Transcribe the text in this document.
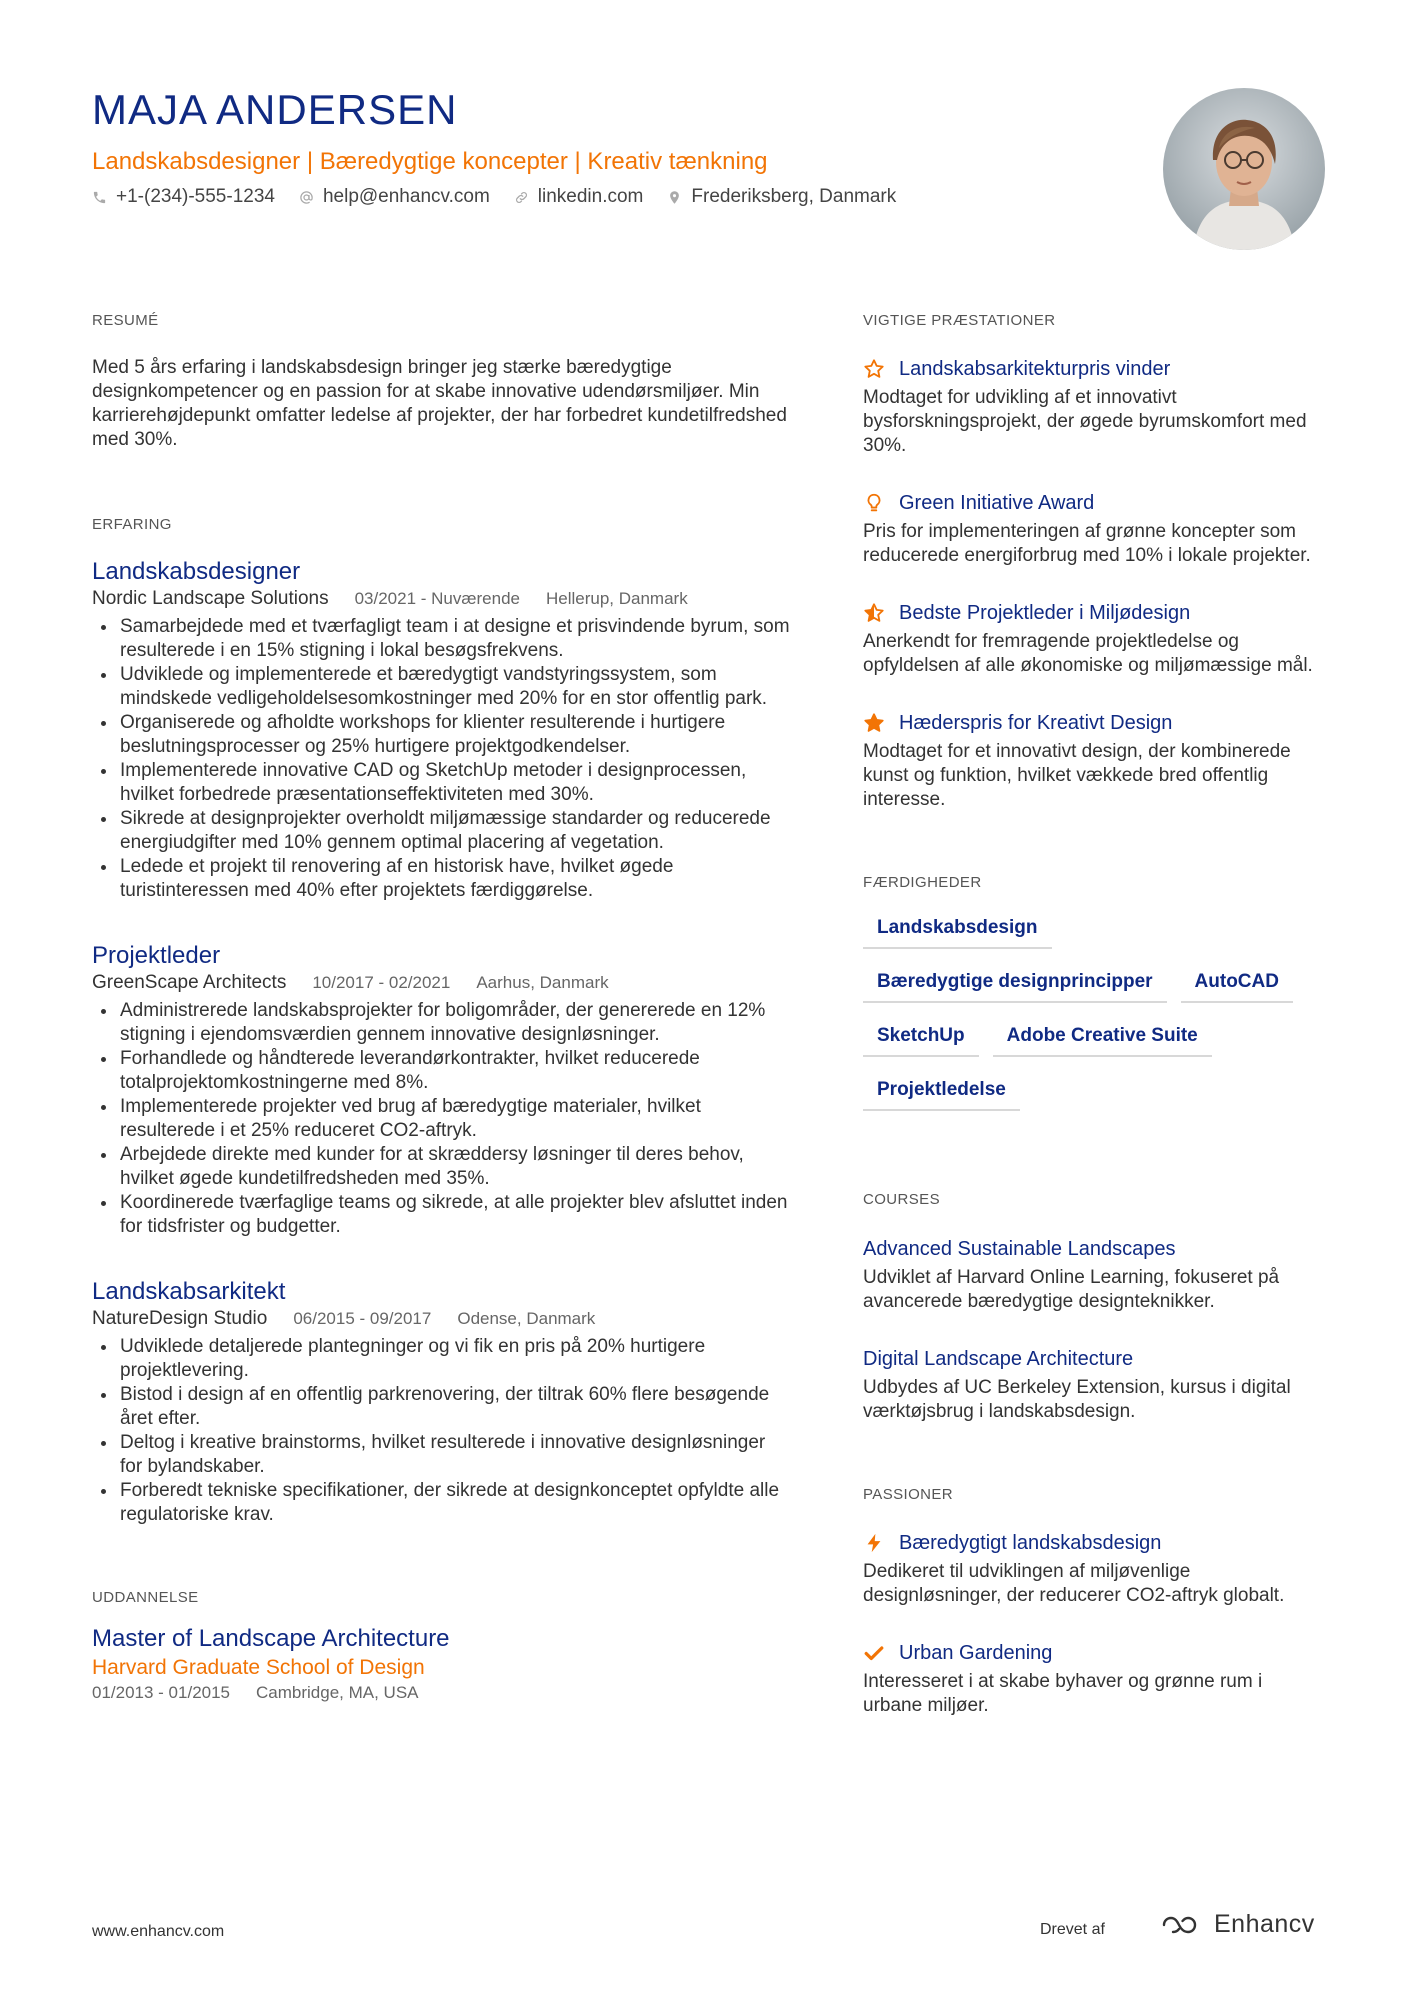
MAJA ANDERSEN
Landskabsdesigner | Bæredygtige koncepter | Kreativ tænkning
+1-(234)-555-1234	help@enhancv.com	linkedin.com	Frederiksberg, Danmark
RESUMÉ
Med 5 års erfaring i landskabsdesign bringer jeg stærke bæredygtige designkompetencer og en passion for at skabe innovative udendørsmiljøer. Min karrierehøjdepunkt omfatter ledelse af projekter, der har forbedret kundetilfredshed med 30%.
ERFARING
Landskabsdesigner
Nordic Landscape Solutions 03/2021 - Nuværende Hellerup, Danmark
Samarbejdede med et tværfagligt team i at designe et prisvindende byrum, som resulterede i en 15% stigning i lokal besøgsfrekvens.
Udviklede og implementerede et bæredygtigt vandstyringssystem, som mindskede vedligeholdelsesomkostninger med 20% for en stor offentlig park.
Organiserede og afholdte workshops for klienter resulterende i hurtigere beslutningsprocesser og 25% hurtigere projektgodkendelser.
Implementerede innovative CAD og SketchUp metoder i designprocessen, hvilket forbedrede præsentationseffektiviteten med 30%.
Sikrede at designprojekter overholdt miljømæssige standarder og reducerede energiudgifter med 10% gennem optimal placering af vegetation.
Ledede et projekt til renovering af en historisk have, hvilket øgede turistinteressen med 40% efter projektets færdiggørelse.
Projektleder
GreenScape Architects 10/2017 - 02/2021 Aarhus, Danmark
Administrerede landskabsprojekter for boligområder, der genererede en 12% stigning i ejendomsværdien gennem innovative designløsninger.
Forhandlede og håndterede leverandørkontrakter, hvilket reducerede totalprojektomkostningerne med 8%.
Implementerede projekter ved brug af bæredygtige materialer, hvilket resulterede i et 25% reduceret CO2-aftryk.
Arbejdede direkte med kunder for at skræddersy løsninger til deres behov, hvilket øgede kundetilfredsheden med 35%.
Koordinerede tværfaglige teams og sikrede, at alle projekter blev afsluttet inden for tidsfrister og budgetter.
Landskabsarkitekt
NatureDesign Studio 06/2015 - 09/2017 Odense, Danmark
Udviklede detaljerede plantegninger og vi fik en pris på 20% hurtigere projektlevering.
Bistod i design af en offentlig parkrenovering, der tiltrak 60% flere besøgende året efter.
Deltog i kreative brainstorms, hvilket resulterede i innovative designløsninger for bylandskaber.
Forberedt tekniske specifikationer, der sikrede at designkonceptet opfyldte alle regulatoriske krav.
UDDANNELSE
Master of Landscape Architecture
Harvard Graduate School of Design
01/2013 - 01/2015 Cambridge, MA, USA
VIGTIGE PRÆSTATIONER
Landskabsarkitekturpris vinder
Modtaget for udvikling af et innovativt bysforskningsprojekt, der øgede byrumskomfort med 30%.
Green Initiative Award
Pris for implementeringen af grønne koncepter som reducerede energiforbrug med 10% i lokale projekter.
Bedste Projektleder i Miljødesign
Anerkendt for fremragende projektledelse og opfyldelsen af alle økonomiske og miljømæssige mål.
Hæderspris for Kreativt Design
Modtaget for et innovativt design, der kombinerede kunst og funktion, hvilket vækkede bred offentlig interesse.
FÆRDIGHEDER
Landskabsdesign
Bæredygtige designprincipper	AutoCAD
SketchUp	Adobe Creative Suite
Projektledelse
COURSES
Advanced Sustainable Landscapes
Udviklet af Harvard Online Learning, fokuseret på avancerede bæredygtige designteknikker.
Digital Landscape Architecture
Udbydes af UC Berkeley Extension, kursus i digital værktøjsbrug i landskabsdesign.
PASSIONER
Bæredygtigt landskabsdesign
Dedikeret til udviklingen af miljøvenlige designløsninger, der reducerer CO2-aftryk globalt.
Urban Gardening
Interesseret i at skabe byhaver og grønne rum i urbane miljøer.
www.enhancv.com	Drevet af	Enhancv
